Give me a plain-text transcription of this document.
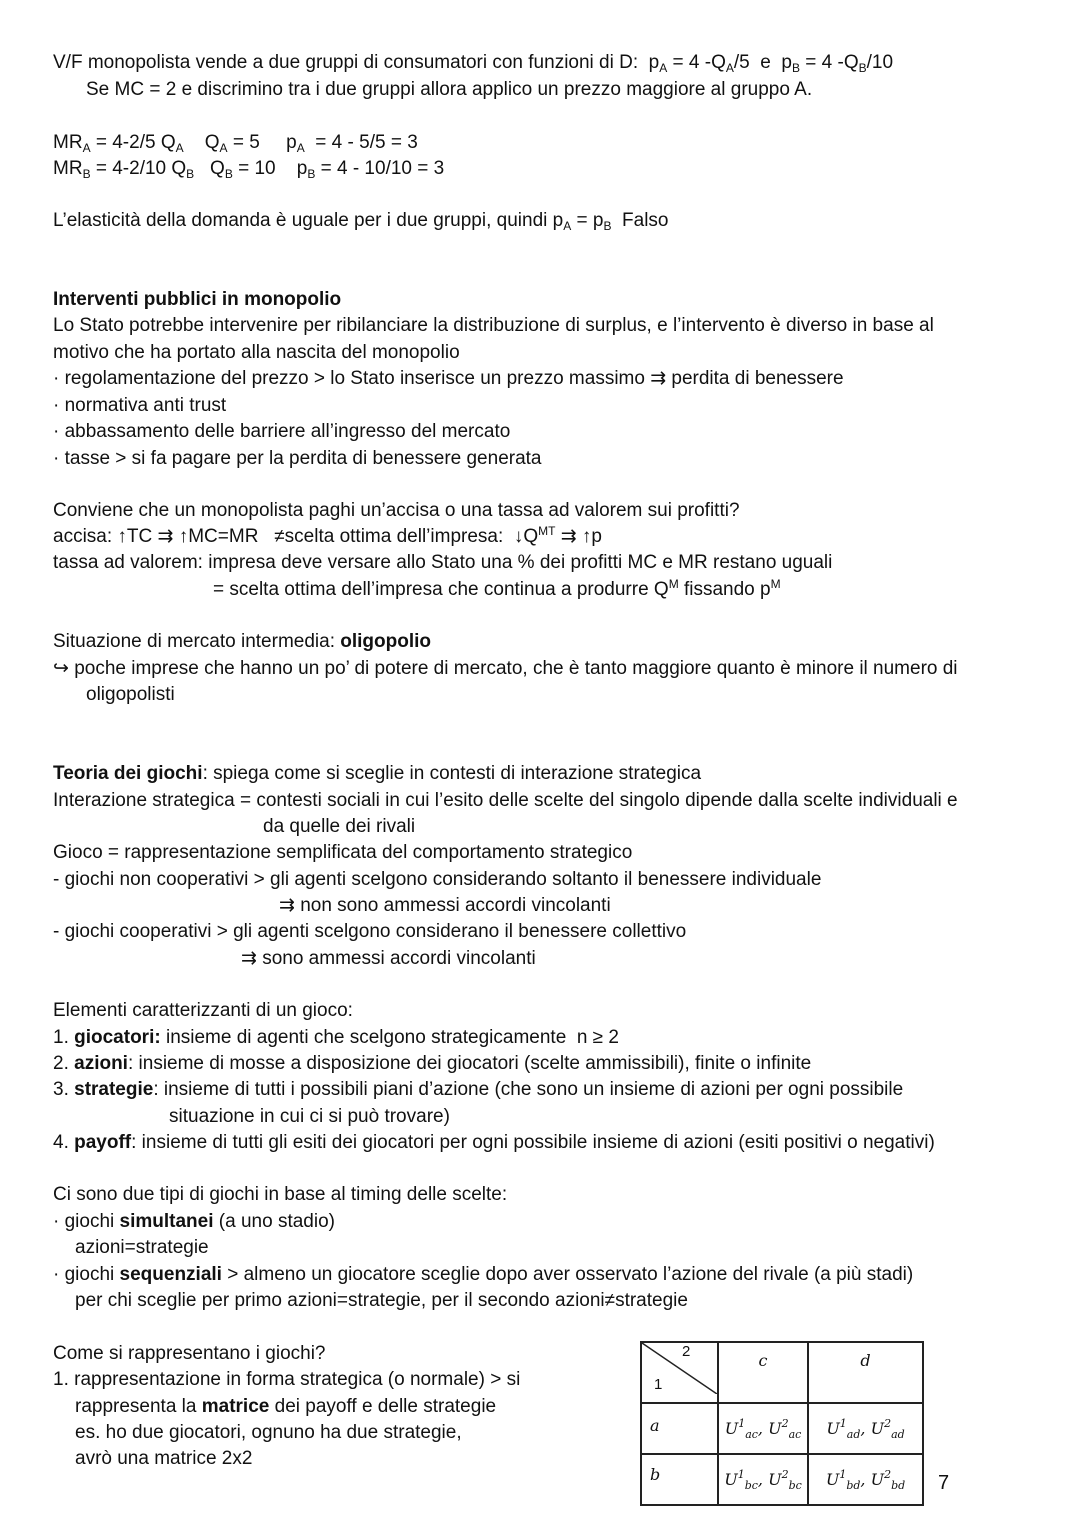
V/F monopolista vende a due gruppi di consumatori con funzioni di D:  $p_A = 4$ $-Q_A/5$  e  $p_B = 4$ $-Q_B/10$
Se MC = 2 e discrimino tra i due gruppi allora applico un prezzo maggiore al gruppo A.
$MR_A = 4-2/5$ $Q_A$    $Q_A = 5$     $p_A = 4 - 5/5 = 3$
$MR_B = 4-2/10$ $Q_B$   $Q_B = 10$    $p_B = 4 - 10/10 = 3$
L’elasticità della domanda è uguale per i due gruppi, quindi $p_A = p_B$  Falso
Interventi pubblici in monopolio
Lo Stato potrebbe intervenire per ribilanciare la distribuzione di surplus, e l’intervento è diverso in base al
motivo che ha portato alla nascita del monopolio
· regolamentazione del prezzo > lo Stato inserisce un prezzo massimo ⇉ perdita di benessere
· normativa anti trust
· abbassamento delle barriere all’ingresso del mercato
· tasse > si fa pagare per la perdita di benessere generata
Conviene che un monopolista paghi un’accisa o una tassa ad valorem sui profitti?
accisa: ↑TC ⇉ ↑MC=MR   ≠scelta ottima dell’impresa:  $↓Q^{MT}$ ⇉ ↑p
tassa ad valorem: impresa deve versare allo Stato una % dei profitti MC e MR restano uguali
= scelta ottima dell’impresa che continua a produrre $Q^M$ fissando $p^M$
Situazione di mercato intermedia: oligopolio
↪ poche imprese che hanno un po’ di potere di mercato, che è tanto maggiore quanto è minore il numero di
oligopolisti
Teoria dei giochi: spiega come si sceglie in contesti di interazione strategica
Interazione strategica = contesti sociali in cui l’esito delle scelte del singolo dipende dalla scelte individuali e
da quelle dei rivali
Gioco = rappresentazione semplificata del comportamento strategico
- giochi non cooperativi > gli agenti scelgono considerando soltanto il benessere individuale
⇉ non sono ammessi accordi vincolanti
- giochi cooperativi > gli agenti scelgono considerano il benessere collettivo
⇉ sono ammessi accordi vincolanti
Elementi caratterizzanti di un gioco:
1. giocatori: insieme di agenti che scelgono strategicamente  n ≥ 2
2. azioni: insieme di mosse a disposizione dei giocatori (scelte ammissibili), finite o infinite
3. strategie: insieme di tutti i possibili piani d’azione (che sono un insieme di azioni per ogni possibile
situazione in cui ci si può trovare)
4. payoff: insieme di tutti gli esiti dei giocatori per ogni possibile insieme di azioni (esiti positivi o negativi)
Ci sono due tipi di giochi in base al timing delle scelte:
· giochi simultanei (a uno stadio)
azioni=strategie
· giochi sequenziali > almeno un giocatore sceglie dopo aver osservato l’azione del rivale (a più stadi)
per chi sceglie per primo azioni=strategie, per il secondo azioni≠strategie
Come si rappresentano i giochi?
1. rappresentazione in forma strategica (o normale) > si
rappresenta la matrice dei payoff e delle strategie
es. ho due giocatori, ognuno ha due strategie,
avrò una matrice 2x2
2
1	c	d
a	$U^1_{ac}$, $U^2_{ac}$	$U^1_{ad}$, $U^2_{ad}$
b	$U^1_{bc}$, $U^2_{bc}$	$U^1_{bd}$, $U^2_{bd}$ 7
